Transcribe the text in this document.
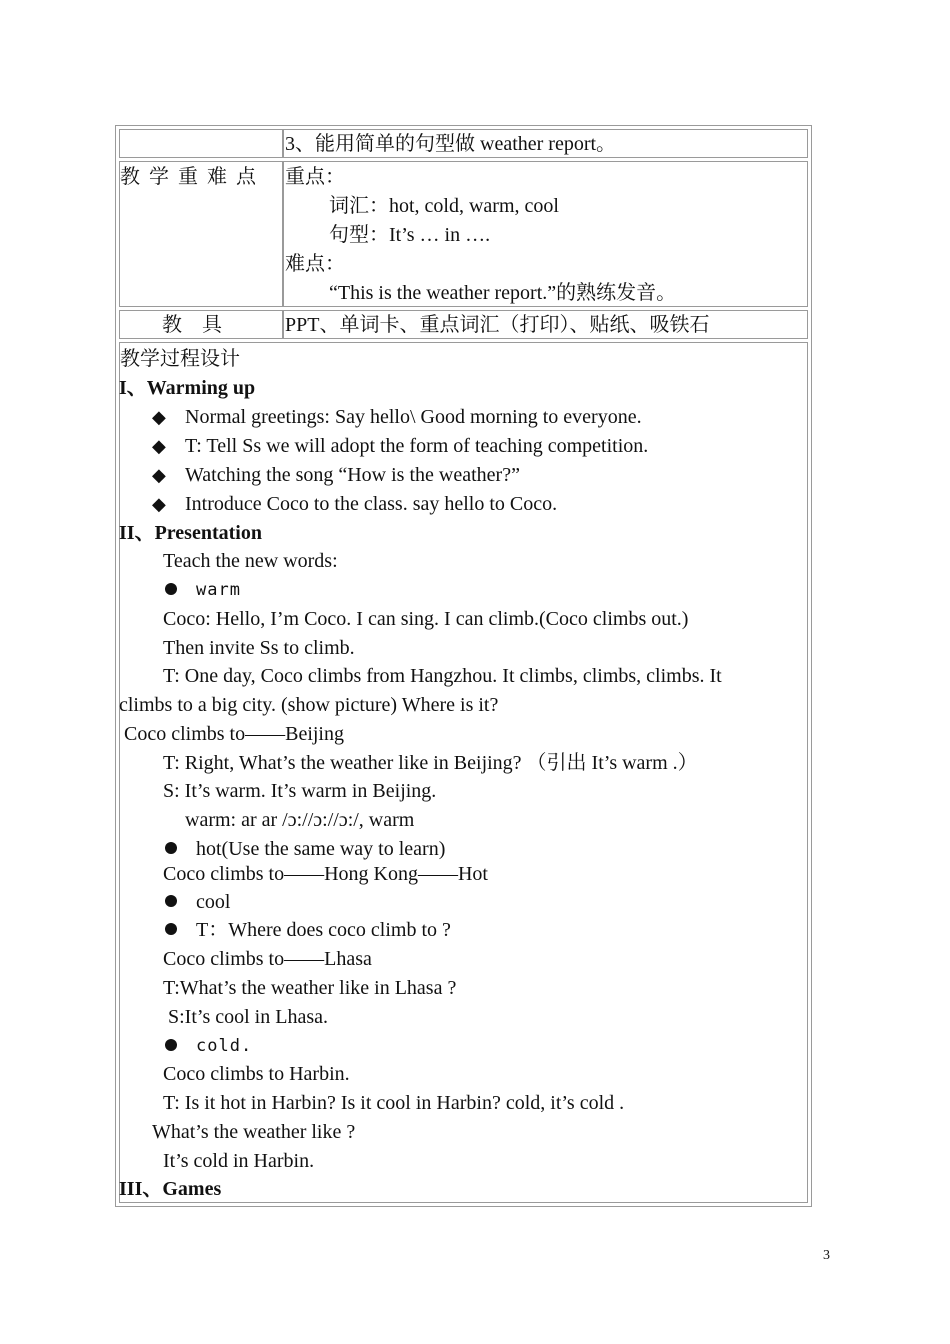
3、能用简单的句型做 weather report。
教 学 重 难 点 重点：
词汇：hot, cold, warm, cool
句型：It’s … in ….
难点：
“This is the weather report.”的熟练发音。
教　具	PPT、单词卡、重点词汇（打印）、贴纸、吸铁石
教学过程设计
I、Warming up
◆ Normal greetings: Say hello\ Good morning to everyone.
◆ T: Tell Ss we will adopt the form of teaching competition.
◆ Watching the song “How is the weather?”
◆ Introduce Coco to the class. say hello to Coco.
II、Presentation
Teach the new words:
warm
Coco: Hello, I’m Coco. I can sing. I can climb.(Coco climbs out.)
Then invite Ss to climb.
T: One day, Coco climbs from Hangzhou. It climbs, climbs, climbs. It
climbs to a big city. (show picture) Where is it?
Coco climbs to——Beijing
T: Right, What’s the weather like in Beijing? （引出 It’s warm .）
S: It’s warm. It’s warm in Beijing.
warm: ar ar /ɔ://ɔ://ɔ:/, warm
hot(Use the same way to learn)
Coco climbs to——Hong Kong——Hot
cool
T：Where does coco climb to ?
Coco climbs to——Lhasa
T:What’s the weather like in Lhasa ?
S:It’s cool in Lhasa.
cold.
Coco climbs to Harbin.
T: Is it hot in Harbin? Is it cool in Harbin? cold, it’s cold .
What’s the weather like ?
It’s cold in Harbin.
III、Games
3
